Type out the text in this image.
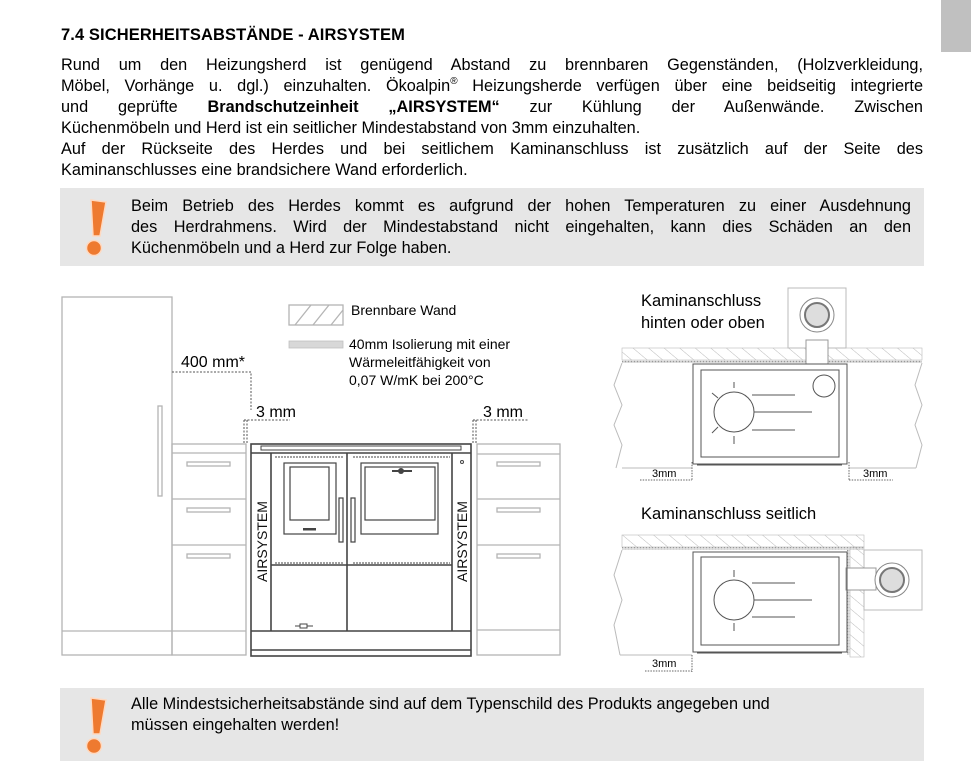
7.4 SICHERHEITSABSTÄNDE - AIRSYSTEM
Rund um den Heizungsherd ist genügend Abstand zu brennbaren Gegenständen, (Holzverkleidung,
Möbel, Vorhänge u. dgl.) einzuhalten. Ökoalpin® Heizungsherde verfügen über eine beidseitig integrierte
und geprüfte Brandschutzeinheit „AIRSYSTEM“ zur Kühlung der Außenwände. Zwischen
Küchenmöbeln und Herd ist ein seitlicher Mindestabstand von 3mm einzuhalten.
Auf der Rückseite des Herdes und bei seitlichem Kaminanschluss ist zusätzlich auf der Seite des
Kaminanschlusses eine brandsichere Wand erforderlich.
Beim Betrieb des Herdes kommt es aufgrund der hohen Temperaturen zu einer Ausdehnung
des Herdrahmens. Wird der Mindestabstand nicht eingehalten, kann dies Schäden an den
Küchenmöbeln und a Herd zur Folge haben.
AIRSYSTEM	AIRSYSTEM
Brennbare Wand
40mm Isolierung mit einer
Wärmeleitfähigkeit von
0,07 W/mK bei 200°C
400 mm*
3 mm	3 mm
Kaminanschluss
hinten oder oben
3mm	3mm
Kaminanschluss seitlich
3mm
Alle Mindestsicherheitsabstände sind auf dem Typenschild des Produkts angegeben und
müssen eingehalten werden!
